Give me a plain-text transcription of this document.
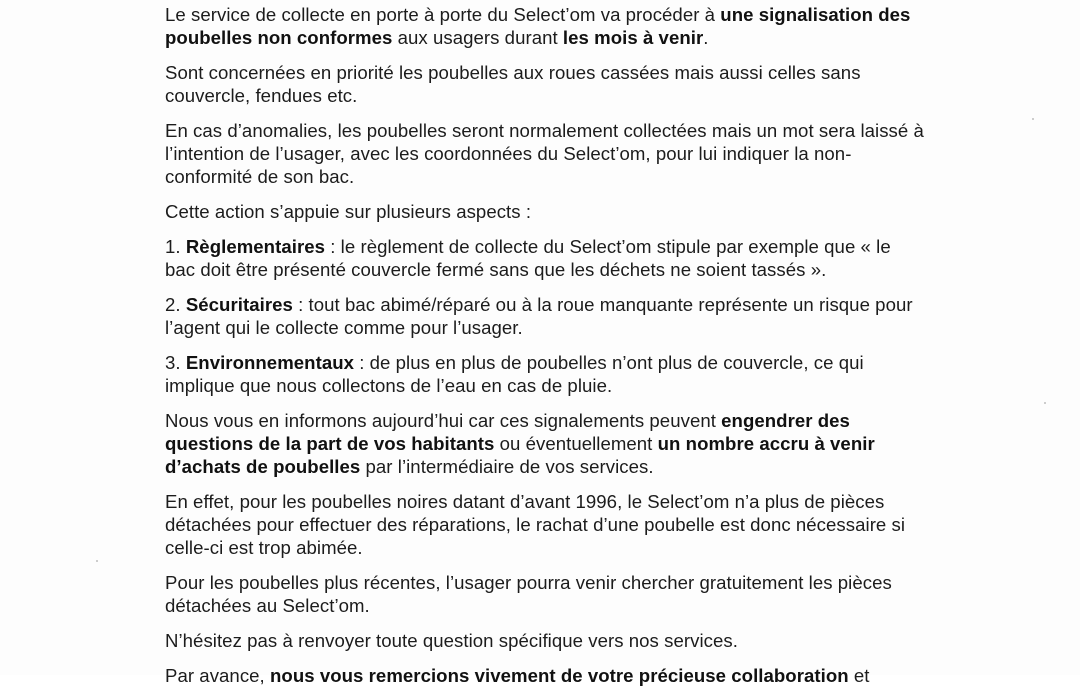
Le service de collecte en porte à porte du Select’om va procéder à une signalisation des poubelles non conformes aux usagers durant les mois à venir.

Sont concernées en priorité les poubelles aux roues cassées mais aussi celles sans couvercle, fendues etc.

En cas d’anomalies, les poubelles seront normalement collectées mais un mot sera laissé à l’intention de l’usager, avec les coordonnées du Select’om, pour lui indiquer la non-conformité de son bac.

Cette action s’appuie sur plusieurs aspects :

1. Règlementaires : le règlement de collecte du Select’om stipule par exemple que « le bac doit être présenté couvercle fermé sans que les déchets ne soient tassés ».

2. Sécuritaires : tout bac abimé/réparé ou à la roue manquante représente un risque pour l’agent qui le collecte comme pour l’usager.

3. Environnementaux : de plus en plus de poubelles n’ont plus de couvercle, ce qui implique que nous collectons de l’eau en cas de pluie.

Nous vous en informons aujourd’hui car ces signalements peuvent engendrer des questions de la part de vos habitants ou éventuellement un nombre accru à venir d’achats de poubelles par l’intermédiaire de vos services.

En effet, pour les poubelles noires datant d’avant 1996, le Select’om n’a plus de pièces détachées pour effectuer des réparations, le rachat d’une poubelle est donc nécessaire si celle-ci est trop abimée.

Pour les poubelles plus récentes, l’usager pourra venir chercher gratuitement les pièces détachées au Select’om.

N’hésitez pas à renvoyer toute question spécifique vers nos services.

Par avance, nous vous remercions vivement de votre précieuse collaboration et
